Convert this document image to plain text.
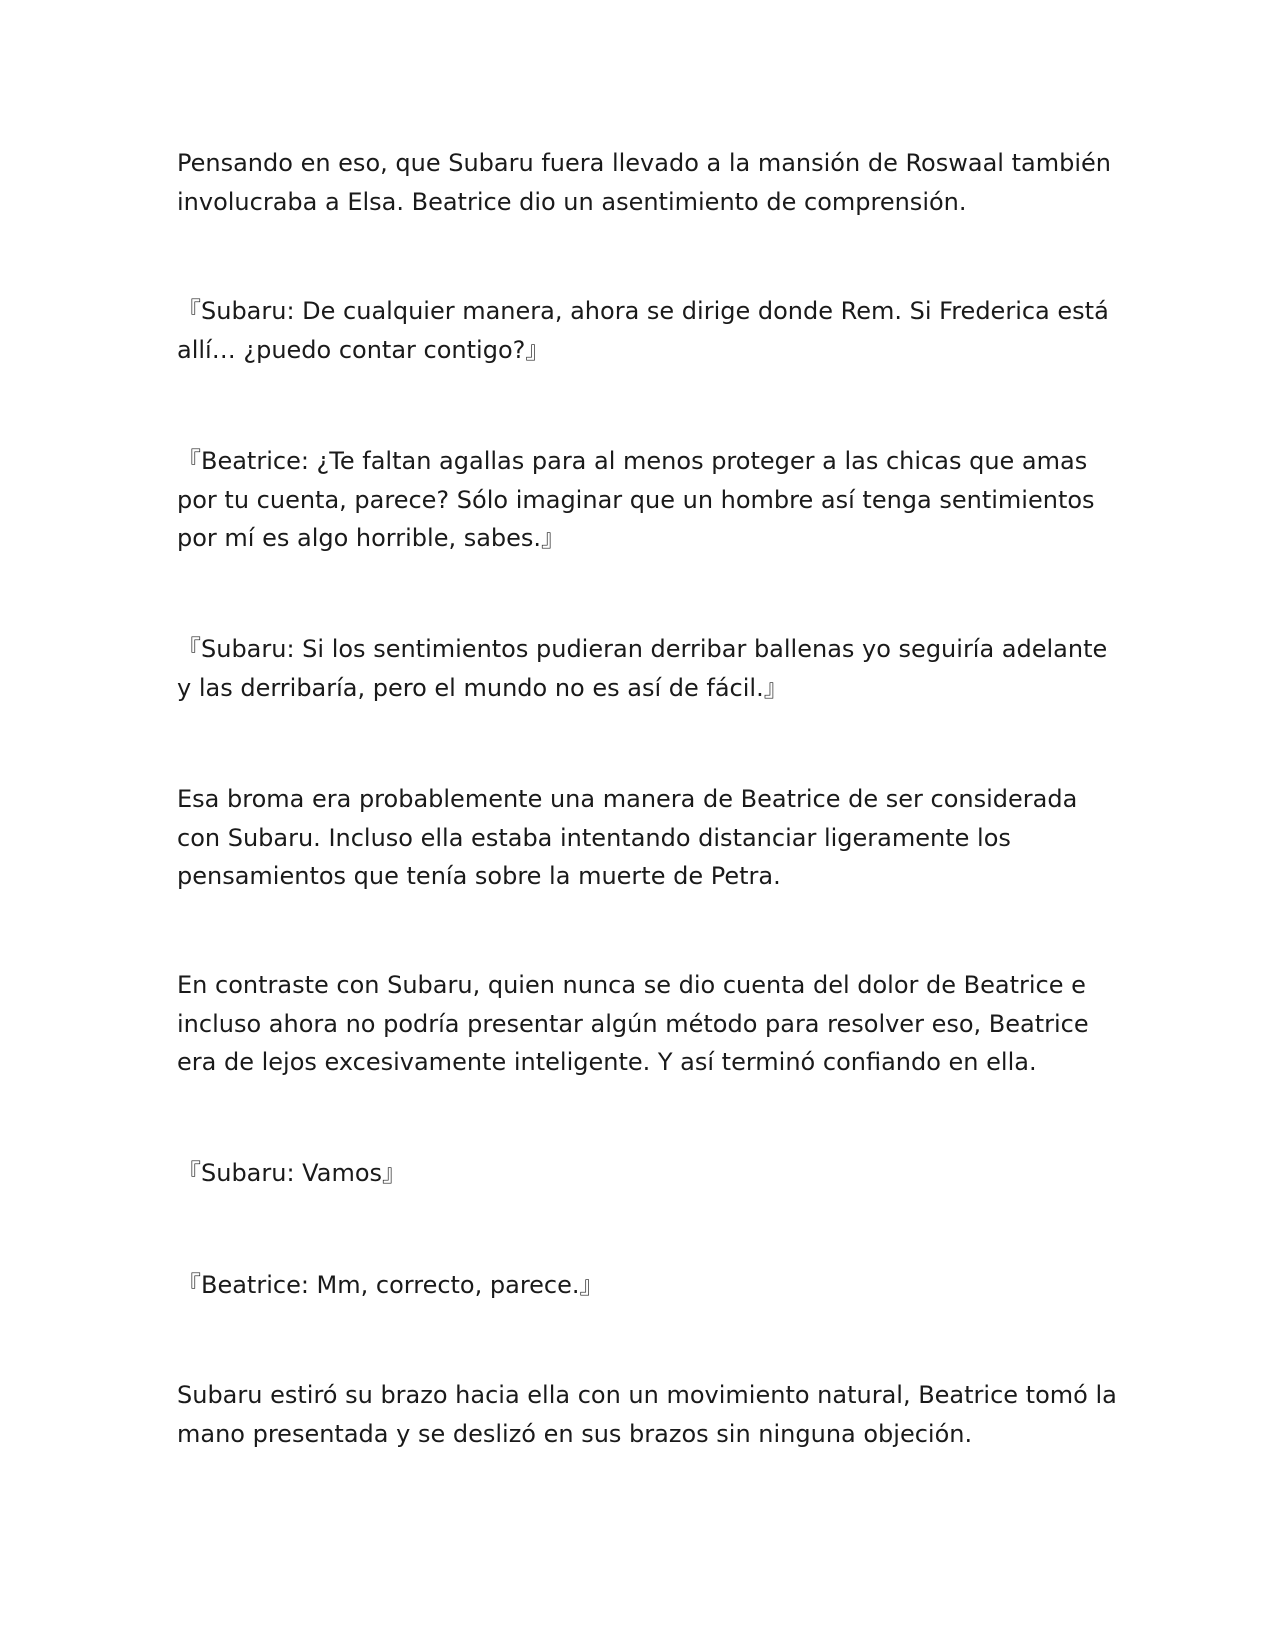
Pensando en eso, que Subaru fuera llevado a la mansión de Roswaal también
involucraba a Elsa. Beatrice dio un asentimiento de comprensión.

『Subaru: De cualquier manera, ahora se dirige donde Rem. Si Frederica está
allí… ¿puedo contar contigo?』

『Beatrice: ¿Te faltan agallas para al menos proteger a las chicas que amas
por tu cuenta, parece? Sólo imaginar que un hombre así tenga sentimientos
por mí es algo horrible, sabes.』

『Subaru: Si los sentimientos pudieran derribar ballenas yo seguiría adelante
y las derribaría, pero el mundo no es así de fácil.』

Esa broma era probablemente una manera de Beatrice de ser considerada
con Subaru. Incluso ella estaba intentando distanciar ligeramente los
pensamientos que tenía sobre la muerte de Petra.

En contraste con Subaru, quien nunca se dio cuenta del dolor de Beatrice e
incluso ahora no podría presentar algún método para resolver eso, Beatrice
era de lejos excesivamente inteligente. Y así terminó confiando en ella.

『Subaru: Vamos』

『Beatrice: Mm, correcto, parece.』

Subaru estiró su brazo hacia ella con un movimiento natural, Beatrice tomó la
mano presentada y se deslizó en sus brazos sin ninguna objeción.
